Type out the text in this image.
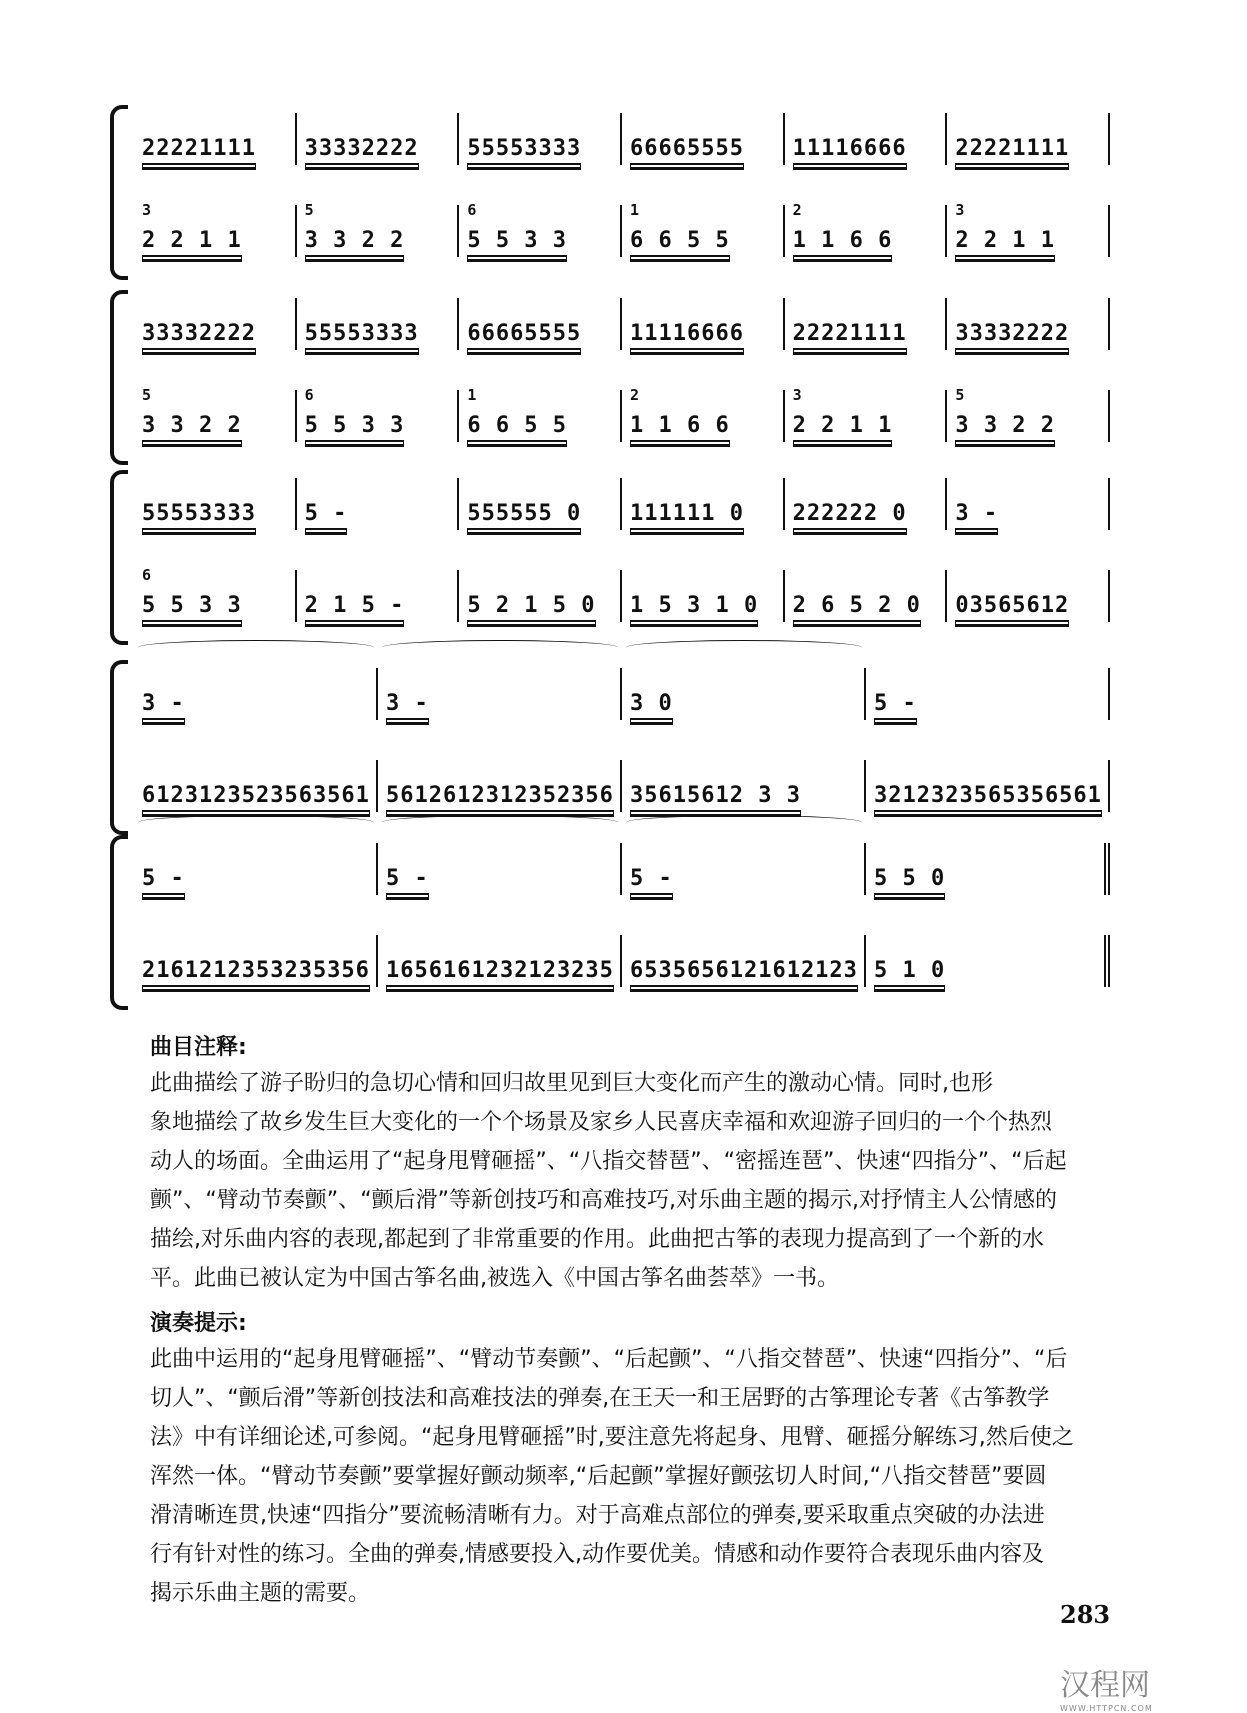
22221111 33332222 55553333 66665555 11116666 22221111
3
2 2 1 1
5
3 3 2 2
6
5 5 3 3
1
6 6 5 5
2
1 1 6 6
3
2 2 1 1
33332222 55553333 66665555 11116666 22221111 33332222
5
3 3 2 2
6
5 5 3 3
1
6 6 5 5
2
1 1 6 6
3
2 2 1 1
5
3 3 2 2
55553333 5 -	555555 0 111111 0 222222 0 3 -
6
5 5 3 3	2 1 5 -	5 2 1 5 0 1 5 3 1 0 2 6 5 2 0 03565612
3 -	3 -	3 0	5 -
6123123523563561 5612612312352356 35615612 3 3	3212323565356561
5 -	5 -	5 -	5 5 0
2161212353235356 1656161232123235 6535656121612123 5 1 0
曲目注释:
此曲描绘了游子盼归的急切心情和回归故里见到巨大变化而产生的激动心情。同时,也形
象地描绘了故乡发生巨大变化的一个个场景及家乡人民喜庆幸福和欢迎游子回归的一个个热烈
动人的场面。全曲运用了“起身甩臂砸摇”、“八指交替琶”、“密摇连琶”、快速“四指分”、“后起
颤”、“臂动节奏颤”、“颤后滑”等新创技巧和高难技巧,对乐曲主题的揭示,对抒情主人公情感的
描绘,对乐曲内容的表现,都起到了非常重要的作用。此曲把古筝的表现力提高到了一个新的水
平。此曲已被认定为中国古筝名曲,被选入《中国古筝名曲荟萃》一书。
演奏提示:
此曲中运用的“起身甩臂砸摇”、“臂动节奏颤”、“后起颤”、“八指交替琶”、快速“四指分”、“后
切人”、“颤后滑”等新创技法和高难技法的弹奏,在王天一和王居野的古筝理论专著《古筝教学
法》中有详细论述,可参阅。“起身甩臂砸摇”时,要注意先将起身、甩臂、砸摇分解练习,然后使之
浑然一体。“臂动节奏颤”要掌握好颤动频率,“后起颤”掌握好颤弦切人时间,“八指交替琶”要圆
滑清晰连贯,快速“四指分”要流畅清晰有力。对于高难点部位的弹奏,要采取重点突破的办法进
行有针对性的练习。全曲的弹奏,情感要投入,动作要优美。情感和动作要符合表现乐曲内容及
揭示乐曲主题的需要。
283
汉程网
WWW.HTTPCN.COM
